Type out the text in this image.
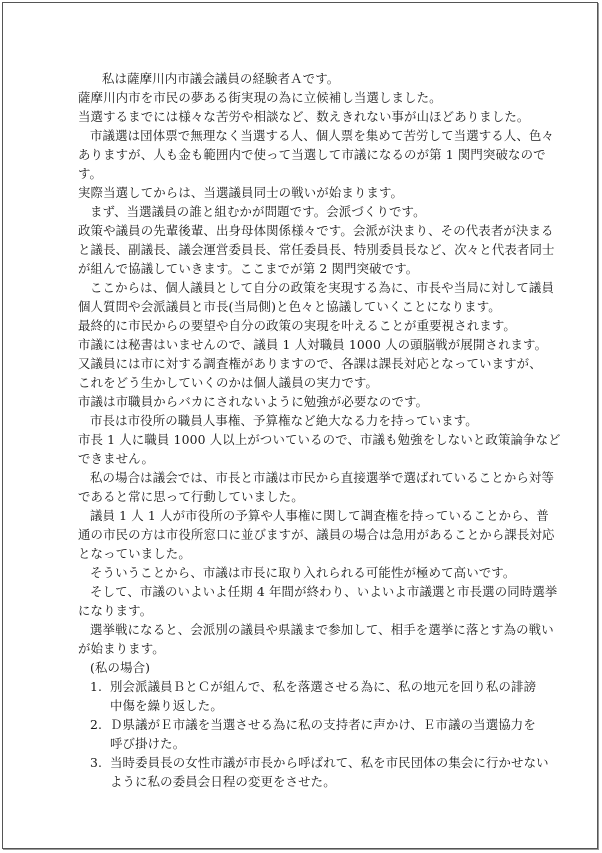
私は薩摩川内市議会議員の経験者Ａです。

薩摩川内市を市民の夢ある街実現の為に立候補し当選しました。

当選するまでには様々な苦労や相談など、数えきれない事が山ほどありました。

市議選は団体票で無理なく当選する人、個人票を集めて苦労して当選する人、色々

ありますが、人も金も範囲内で使って当選して市議になるのが第 1 関門突破なので

す。

実際当選してからは、当選議員同士の戦いが始まります。

まず、当選議員の誰と組むかが問題です。会派づくりです。

政策や議員の先輩後輩、出身母体関係様々です。会派が決まり、その代表者が決まる

と議長、副議長、議会運営委員長、常任委員長、特別委員長など、次々と代表者同士

が組んで協議していきます。ここまでが第 2 関門突破です。

ここからは、個人議員として自分の政策を実現する為に、市長や当局に対して議員

個人質問や会派議員と市長(当局側)と色々と協議していくことになります。

最終的に市民からの要望や自分の政策の実現を叶えることが重要視されます。

市議には秘書はいませんので、議員 1 人対職員 1000 人の頭脳戦が展開されます。

又議員には市に対する調査権がありますので、各課は課長対応となっていますが、

これをどう生かしていくのかは個人議員の実力です。

市議は市職員からバカにされないように勉強が必要なのです。

市長は市役所の職員人事権、予算権など絶大なる力を持っています。

市長 1 人に職員 1000 人以上がついているので、市議も勉強をしないと政策論争など

できません。

私の場合は議会では、市長と市議は市民から直接選挙で選ばれていることから対等

であると常に思って行動していました。

議員 1 人 1 人が市役所の予算や人事権に関して調査権を持っていることから、普

通の市民の方は市役所窓口に並びますが、議員の場合は急用があることから課長対応

となっていました。

そういうことから、市議は市長に取り入れられる可能性が極めて高いです。

そして、市議のいよいよ任期 4 年間が終わり、いよいよ市議選と市長選の同時選挙

になります。

選挙戦になると、会派別の議員や県議まで参加して、相手を選挙に落とす為の戦い

が始まります。

(私の場合)

1. 別会派議員ＢとＣが組んで、私を落選させる為に、私の地元を回り私の誹謗
中傷を繰り返した。
2. Ｄ県議がＥ市議を当選させる為に私の支持者に声かけ、Ｅ市議の当選協力を
呼び掛けた。
3. 当時委員長の女性市議が市長から呼ばれて、私を市民団体の集会に行かせない
ように私の委員会日程の変更をさせた。
